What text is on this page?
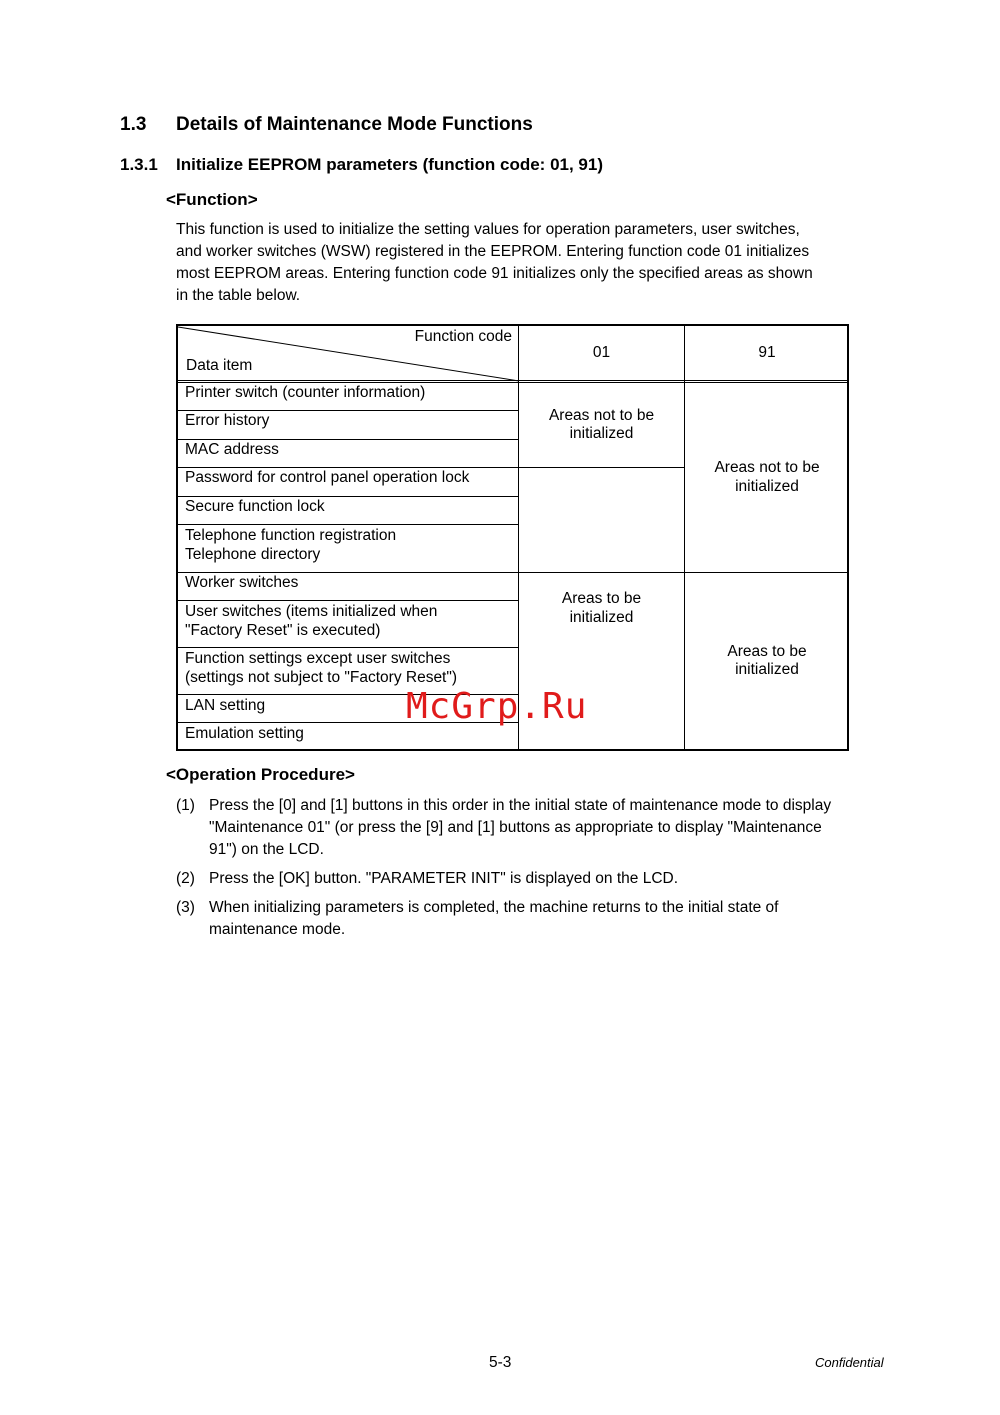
1.3 Details of Maintenance Mode Functions
1.3.1 Initialize EEPROM parameters (function code: 01, 91)
<Function>
This function is used to initialize the setting values for operation parameters, user switches,
and worker switches (WSW) registered in the EEPROM. Entering function code 01 initializes
most EEPROM areas. Entering function code 91 initializes only the specified areas as shown
in the table below.
Function code
Data item
01	91
Printer switch (counter information)
Error history
MAC address
Password for control panel operation lock
Secure function lock
Telephone function registration
Telephone directory
Worker switches
User switches (items initialized when
"Factory Reset" is executed)
Function settings except user switches
(settings not subject to "Factory Reset")
LAN setting
Emulation setting
Areas not to be
initialized
Areas to be
initialized
Areas not to be
initialized
Areas to be
initialized
<Operation Procedure>
(1) Press the [0] and [1] buttons in this order in the initial state of maintenance mode to display
"Maintenance 01" (or press the [9] and [1] buttons as appropriate to display "Maintenance
91") on the LCD.
(2) Press the [OK] button. "PARAMETER INIT" is displayed on the LCD.
(3) When initializing parameters is completed, the machine returns to the initial state of
maintenance mode.
McGrp.Ru
5-3	Confidential
